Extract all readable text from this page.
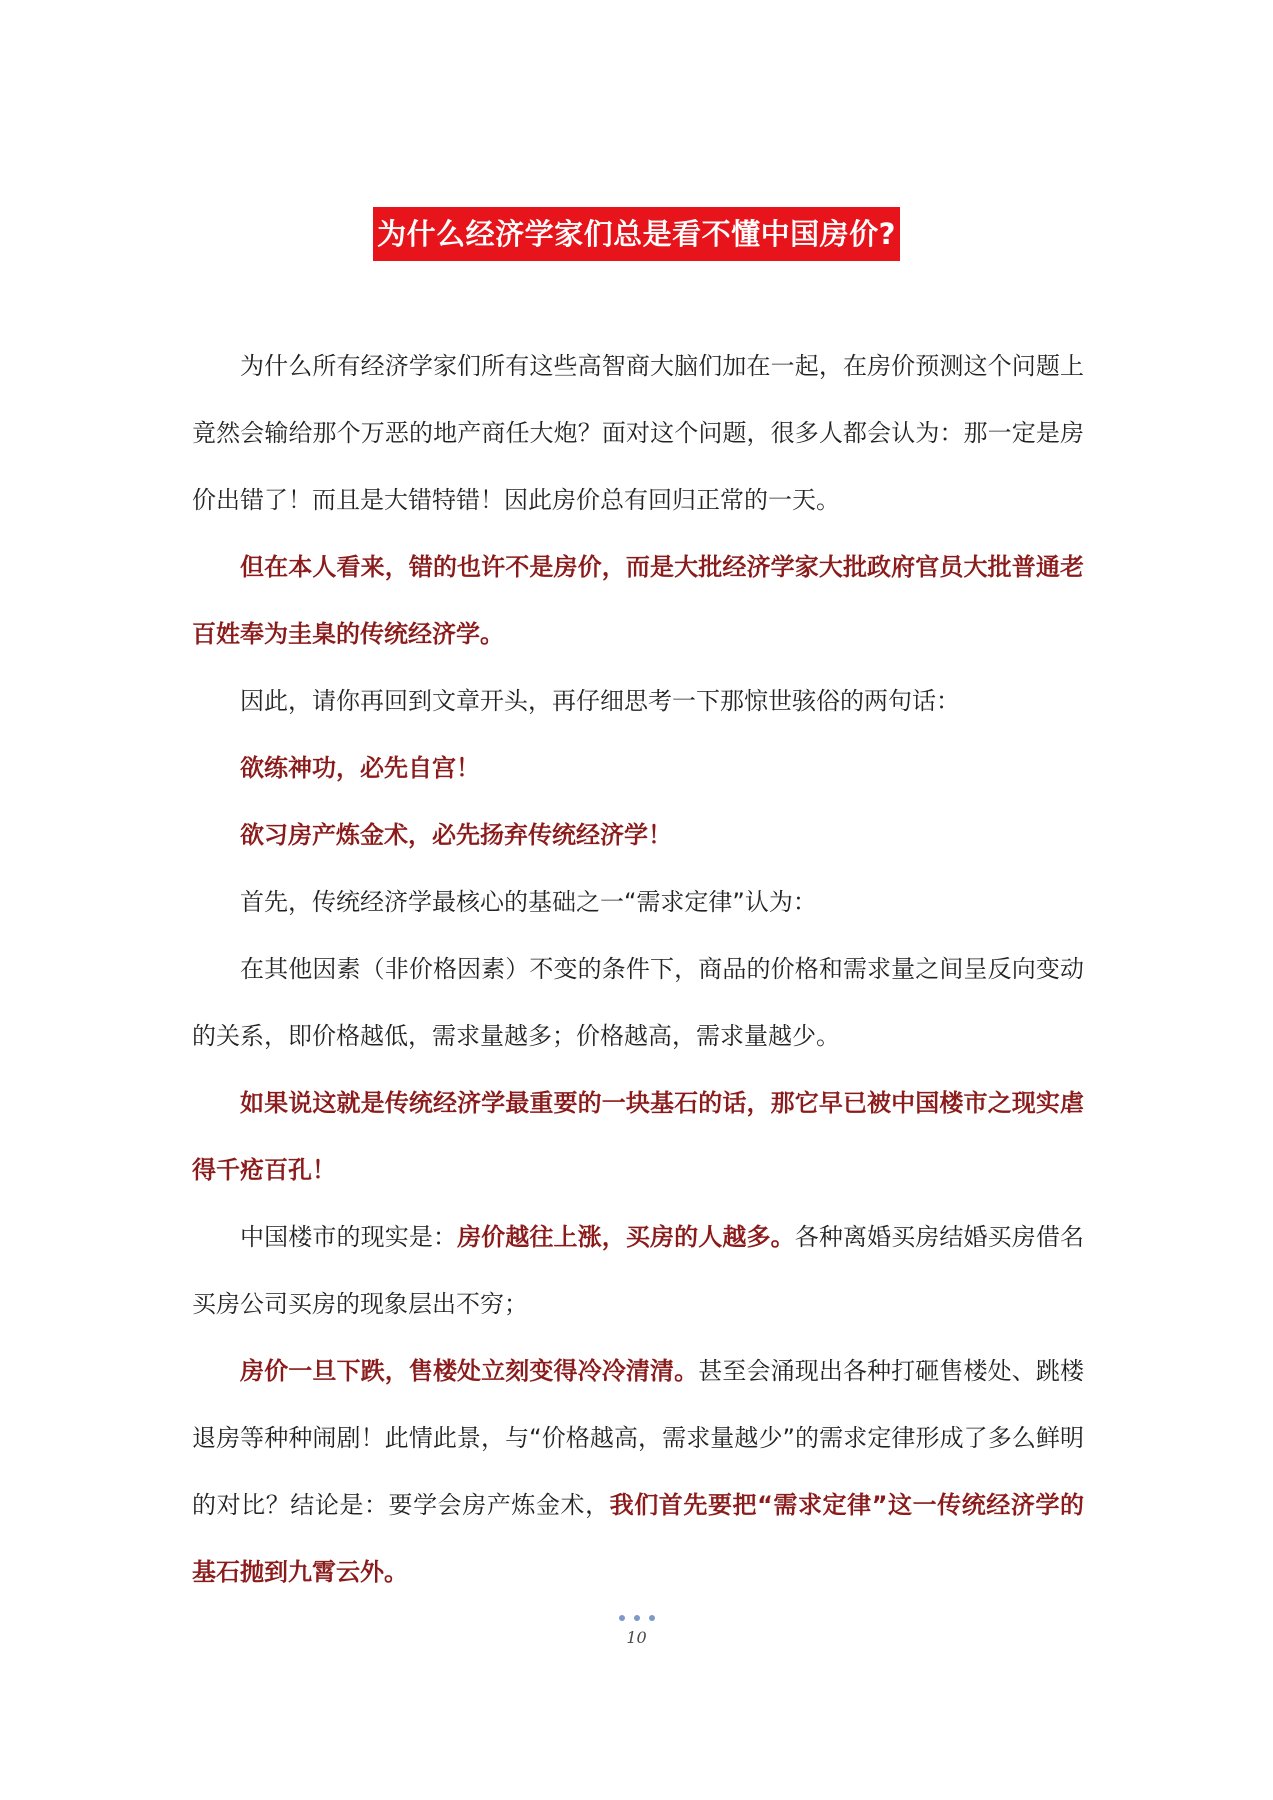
为什么经济学家们总是看不懂中国房价?

为什么所有经济学家们所有这些高智商大脑们加在一起，在房价预测这个问题上竟然会输给那个万恶的地产商任大炮？面对这个问题，很多人都会认为：那一定是房价出错了！而且是大错特错！因此房价总有回归正常的一天。

但在本人看来，错的也许不是房价，而是大批经济学家大批政府官员大批普通老百姓奉为圭臬的传统经济学。

因此，请你再回到文章开头，再仔细思考一下那惊世骇俗的两句话：

欲练神功，必先自宫！

欲习房产炼金术，必先扬弃传统经济学！

首先，传统经济学最核心的基础之一“需求定律”认为：

在其他因素（非价格因素）不变的条件下，商品的价格和需求量之间呈反向变动的关系，即价格越低，需求量越多；价格越高，需求量越少。

如果说这就是传统经济学最重要的一块基石的话，那它早已被中国楼市之现实虐得千疮百孔！

中国楼市的现实是：房价越往上涨，买房的人越多。各种离婚买房结婚买房借名买房公司买房的现象层出不穷；

房价一旦下跌，售楼处立刻变得冷冷清清。甚至会涌现出各种打砸售楼处、跳楼退房等种种闹剧！此情此景，与“价格越高，需求量越少”的需求定律形成了多么鲜明的对比？结论是：要学会房产炼金术，我们首先要把“需求定律”这一传统经济学的基石抛到九霄云外。

10
